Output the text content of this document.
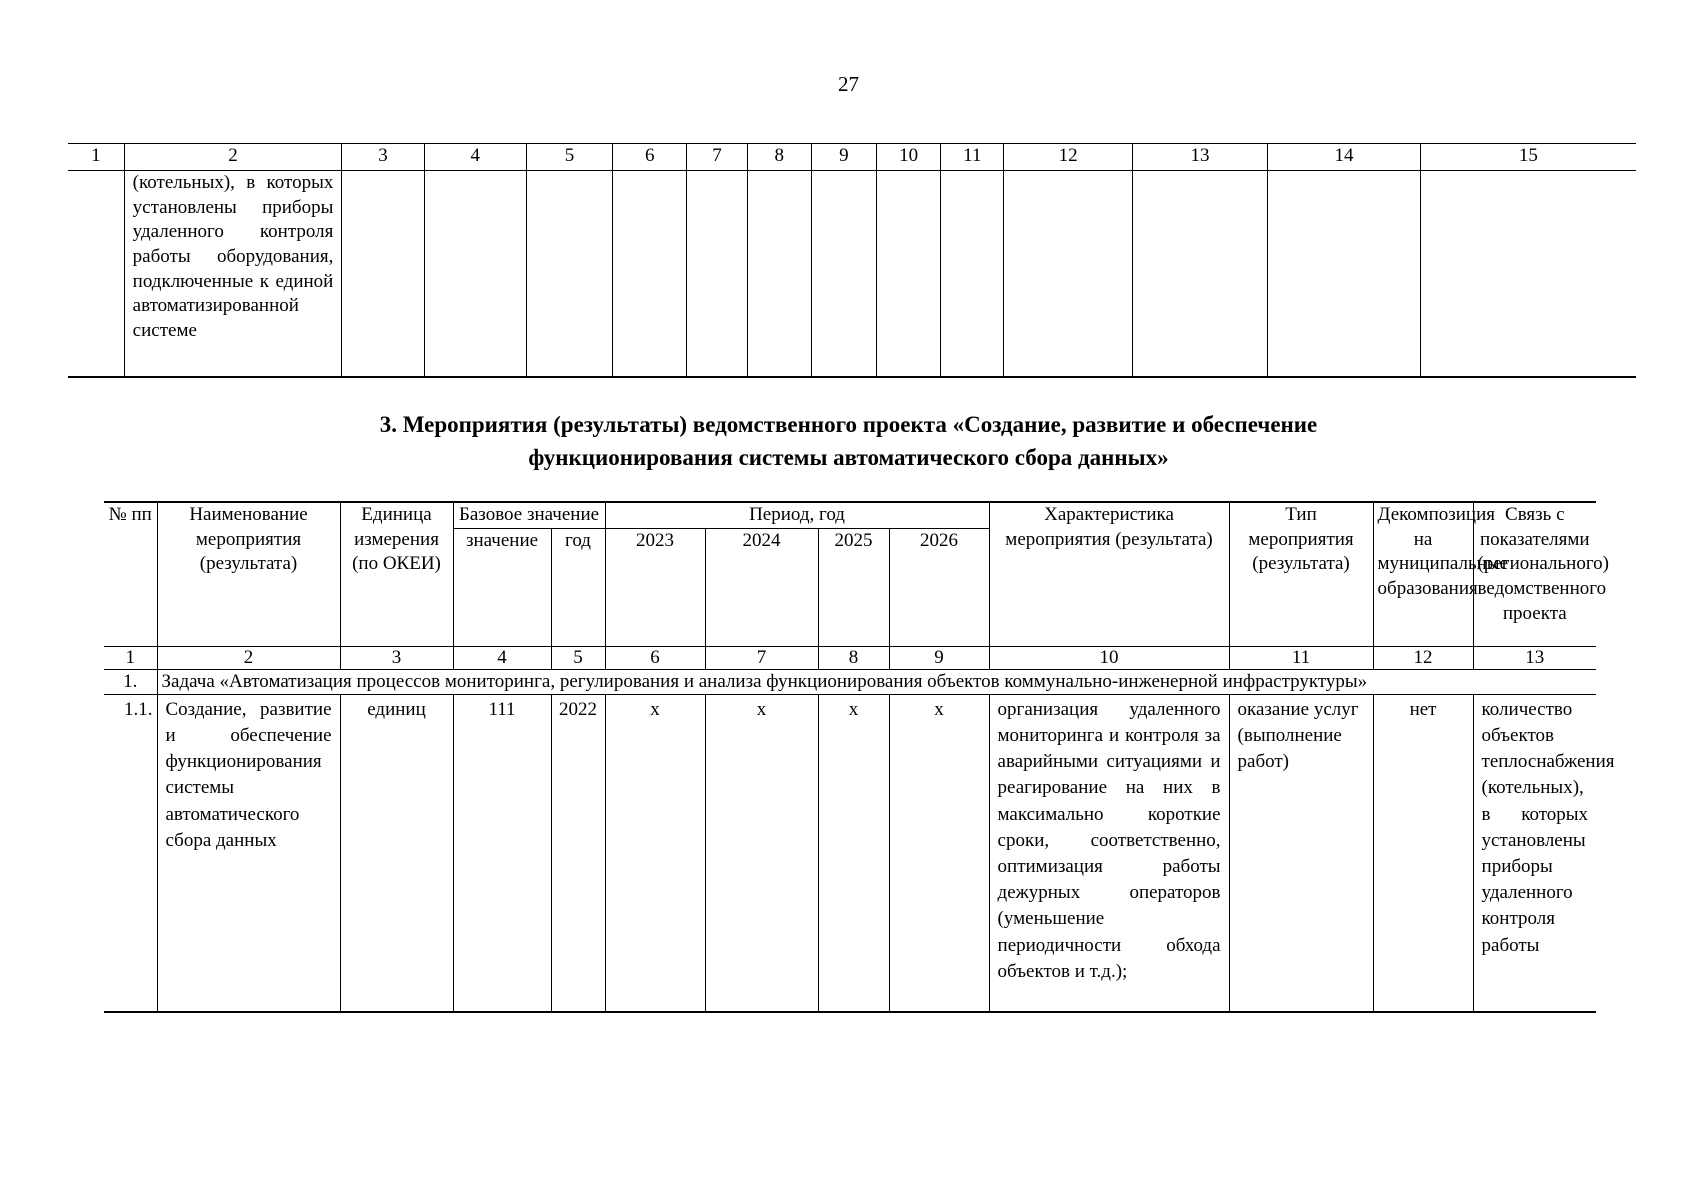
27
1	2	3	4	5	6	7	8	9	10	11	12	13	14	15
	(котельных), в которых установлены приборы удаленного контроля работы оборудования, подключенные к единой автоматизированной системе													
3. Мероприятия (результаты) ведомственного проекта «Создание, развитие и обеспечение
функционирования системы автоматического сбора данных»
№ пп	Наименование мероприятия (результата)	Единица измерения (по ОКЕИ)	Базовое значение		Период, год				Характеристика мероприятия (результата)	Тип мероприятия (результата)	Декомпозиция на муниципальные образования	Связь с показателями (регионального) ведомственного проекта
			значение	год	2023	2024	2025	2026				

1	2	3	4	5	6	7	8	9	10	11	12	13
1.	Задача «Автоматизация процессов мониторинга, регулирования и анализа функционирования объектов коммунально-инженерной инфраструктуры»											
1.1.	Создание, развитие и обеспечение функционирования системы автоматического сбора данных	единиц	111	2022	х	х	х	х	организация удаленного мониторинга и контроля за аварийными ситуациями и реагирование на них в максимально короткие сроки, соответственно, оптимизация работы дежурных операторов (уменьшение периодичности обхода объектов и т.д.);	оказание услуг (выполнение работ)	нет	количество объектов теплоснабжения (котельных), в которых установлены приборы удаленного контроля работы
